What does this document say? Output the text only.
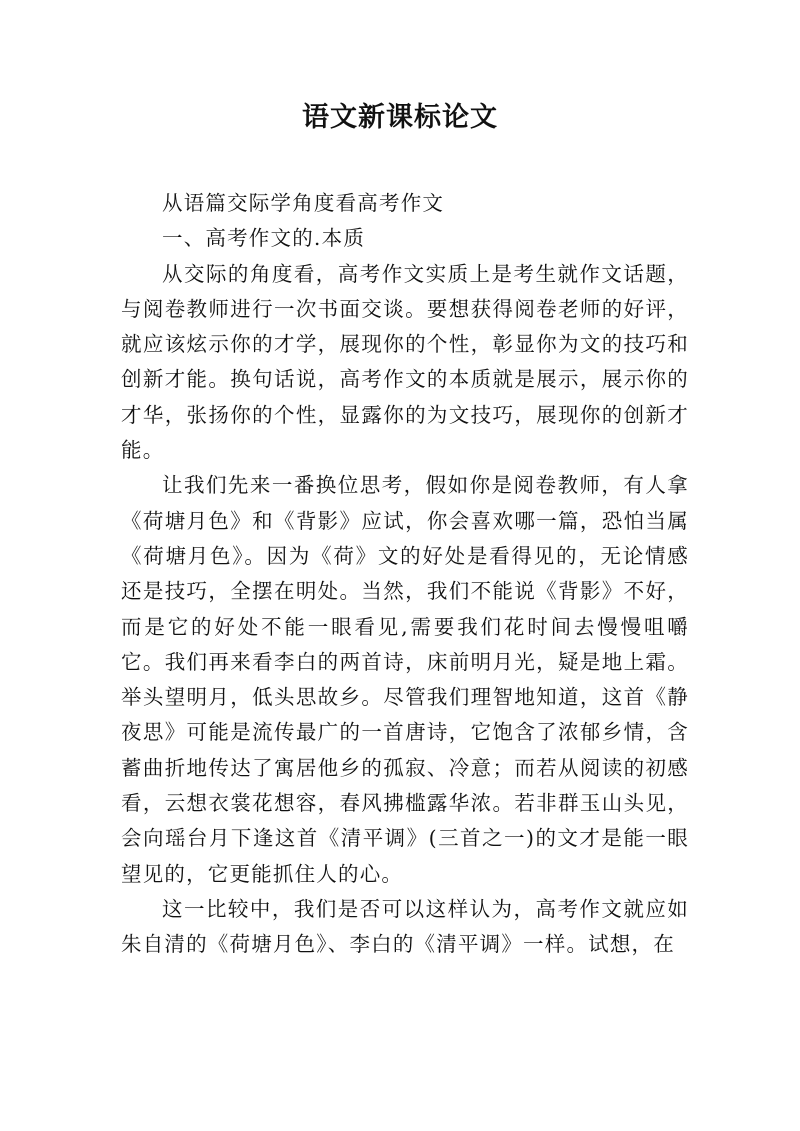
语文新课标论文

从语篇交际学角度看高考作文

一、高考作文的.本质

从交际的角度看，高考作文实质上是考生就作文话题，与阅卷教师进行一次书面交谈。要想获得阅卷老师的好评，就应该炫示你的才学，展现你的个性，彰显你为文的技巧和创新才能。换句话说，高考作文的本质就是展示，展示你的才华，张扬你的个性，显露你的为文技巧，展现你的创新才能。

让我们先来一番换位思考，假如你是阅卷教师，有人拿《荷塘月色》和《背影》应试，你会喜欢哪一篇，恐怕当属《荷塘月色》。因为《荷》文的好处是看得见的，无论情感还是技巧，全摆在明处。当然，我们不能说《背影》不好，而是它的好处不能一眼看见,需要我们花时间去慢慢咀嚼它。我们再来看李白的两首诗，床前明月光，疑是地上霜。举头望明月，低头思故乡。尽管我们理智地知道，这首《静夜思》可能是流传最广的一首唐诗，它饱含了浓郁乡情，含蓄曲折地传达了寓居他乡的孤寂、冷意；而若从阅读的初感看，云想衣裳花想容，春风拂槛露华浓。若非群玉山头见，会向瑶台月下逢这首《清平调》(三首之一)的文才是能一眼望见的，它更能抓住人的心。

这一比较中，我们是否可以这样认为，高考作文就应如朱自清的《荷塘月色》、李白的《清平调》一样。试想，在
